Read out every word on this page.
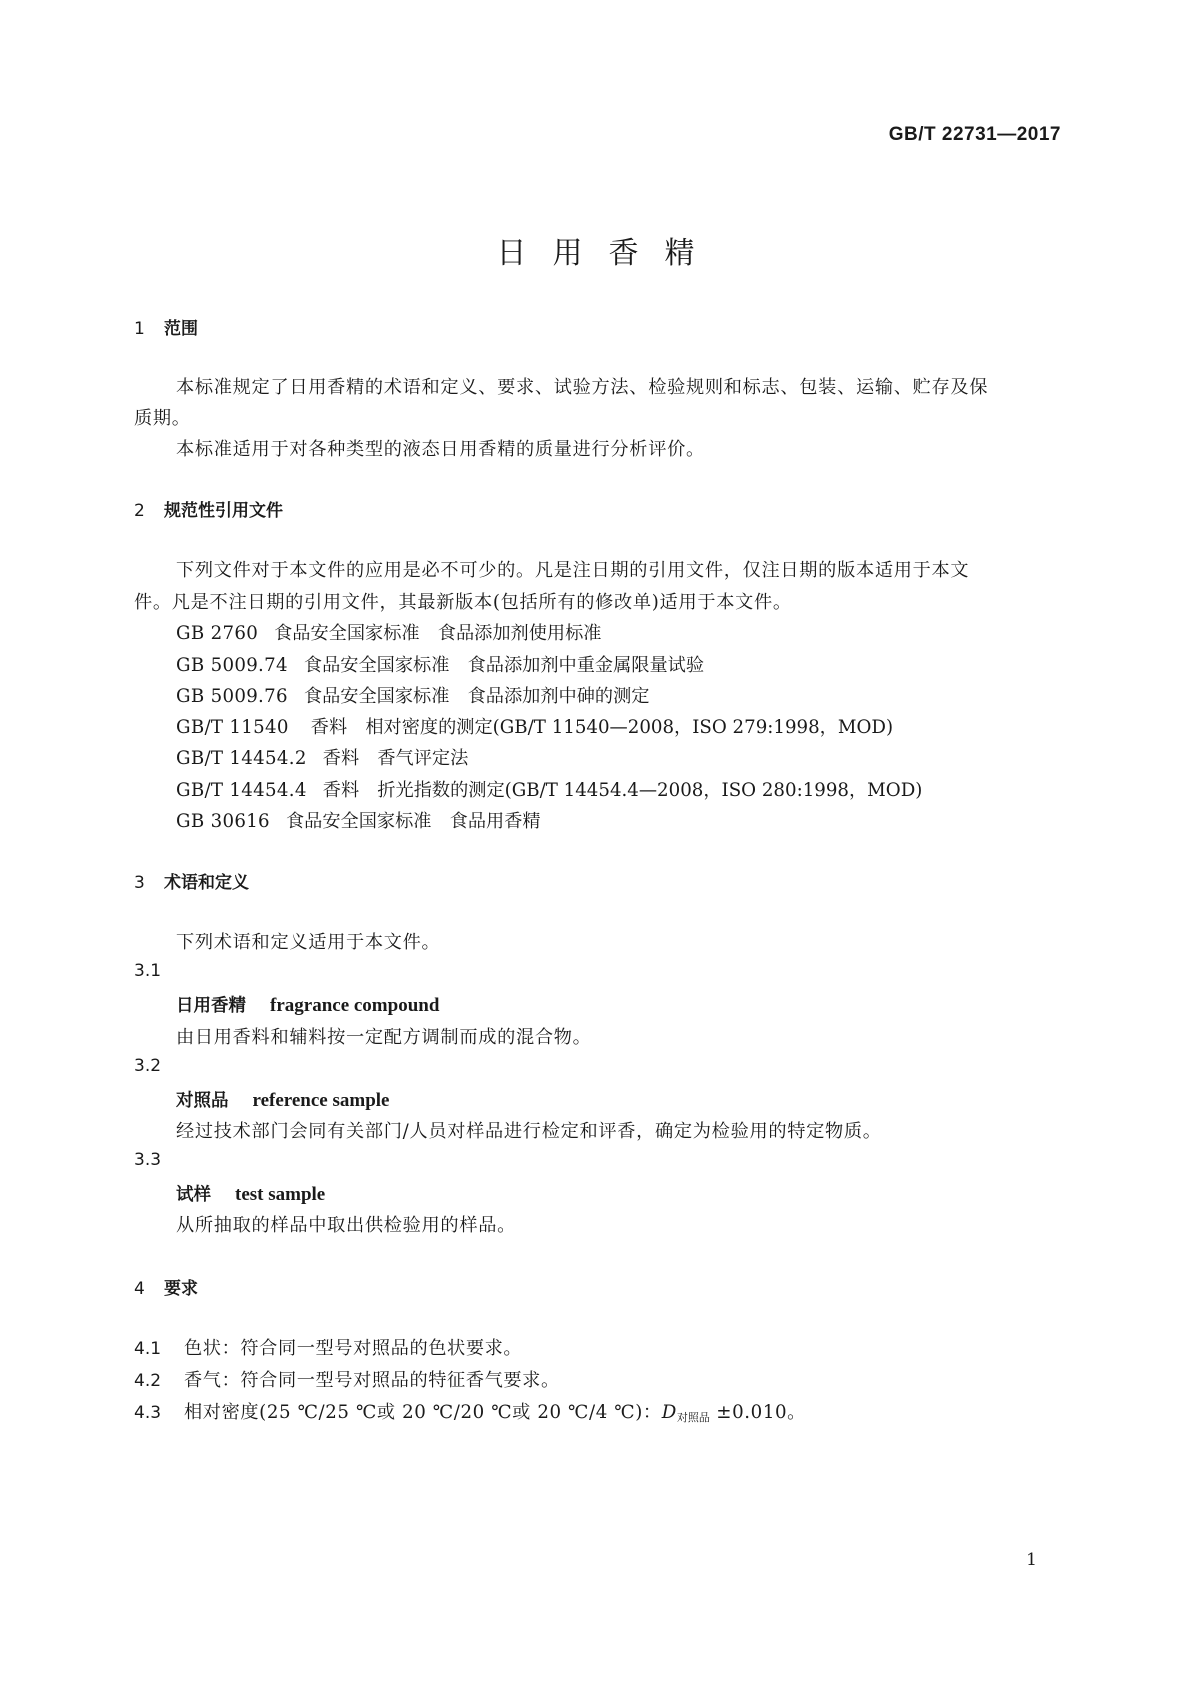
GB/T 22731—2017
日用香精
1 范围
本标准规定了日用香精的术语和定义、要求、试验方法、检验规则和标志、包装、运输、贮存及保
质期。
本标准适用于对各种类型的液态日用香精的质量进行分析评价。
2 规范性引用文件
下列文件对于本文件的应用是必不可少的。凡是注日期的引用文件，仅注日期的版本适用于本文
件。凡是不注日期的引用文件，其最新版本(包括所有的修改单)适用于本文件。
GB 2760 食品安全国家标准　食品添加剂使用标准
GB 5009.74 食品安全国家标准　食品添加剂中重金属限量试验
GB 5009.76 食品安全国家标准　食品添加剂中砷的测定
GB/T 11540 香料　相对密度的测定(GB/T 11540—2008，ISO 279:1998，MOD)
GB/T 14454.2 香料　香气评定法
GB/T 14454.4 香料　折光指数的测定(GB/T 14454.4—2008，ISO 280:1998，MOD)
GB 30616 食品安全国家标准　食品用香精
3 术语和定义
下列术语和定义适用于本文件。
3.1
日用香精 fragrance compound
由日用香料和辅料按一定配方调制而成的混合物。
3.2
对照品 reference sample
经过技术部门会同有关部门/人员对样品进行检定和评香，确定为检验用的特定物质。
3.3
试样 test sample
从所抽取的样品中取出供检验用的样品。
4 要求
4.1 色状：符合同一型号对照品的色状要求。
4.2 香气：符合同一型号对照品的特征香气要求。
4.3 相对密度(25 ℃/25 ℃或 20 ℃/20 ℃或 20 ℃/4 ℃)：$D_{对照品} \pm 0.010$。
1
